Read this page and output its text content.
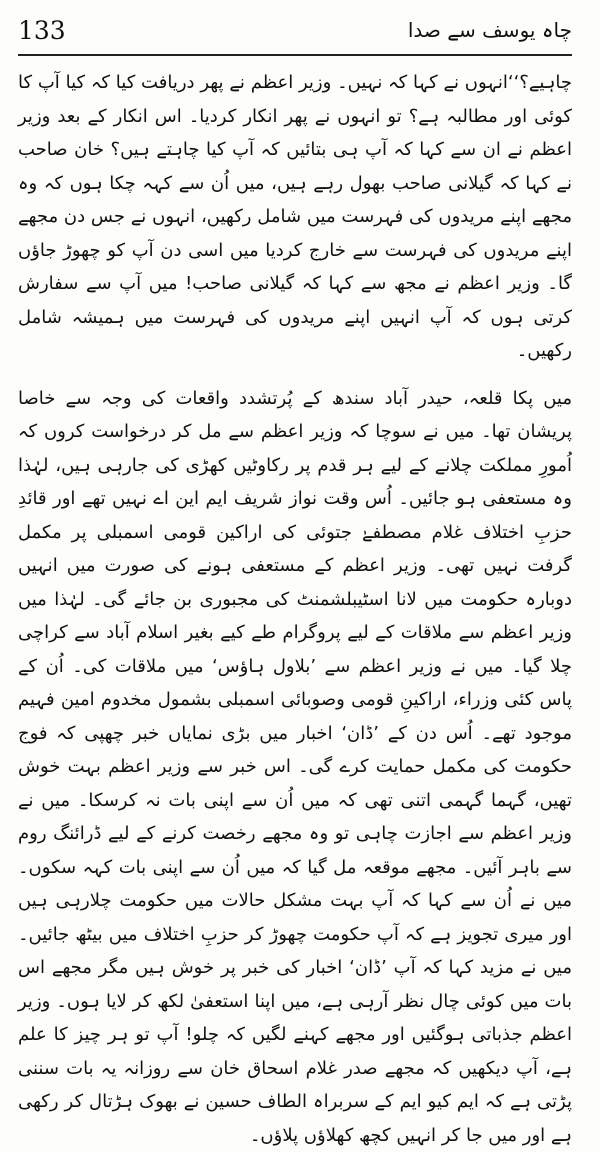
133	چاہ یوسف سے صدا

چاہیے؟‘‘انہوں نے کہا کہ نہیں۔ وزیر اعظم نے پھر دریافت کیا کہ کیا آپ کا کوئی اور مطالبہ ہے؟ تو انہوں نے پھر انکار کردیا۔ اس انکار کے بعد وزیر اعظم نے ان سے کہا کہ آپ ہی بتائیں کہ آپ کیا چاہتے ہیں؟ خان صاحب نے کہا کہ گیلانی صاحب بھول رہے ہیں، میں اُن سے کہہ چکا ہوں کہ وہ مجھے اپنے مریدوں کی فہرست میں شامل رکھیں، انہوں نے جس دن مجھے اپنے مریدوں کی فہرست سے خارج کردیا میں اسی دن آپ کو چھوڑ جاؤں گا۔ وزیر اعظم نے مجھ سے کہا کہ گیلانی صاحب! میں آپ سے سفارش کرتی ہوں کہ آپ انہیں اپنے مریدوں کی فہرست میں ہمیشہ شامل رکھیں۔

میں پکا قلعہ، حیدر آباد سندھ کے پُرتشدد واقعات کی وجہ سے خاصا پریشان تھا۔ میں نے سوچا کہ وزیر اعظم سے مل کر درخواست کروں کہ اُمورِ مملکت چلانے کے لیے ہر قدم پر رکاوٹیں کھڑی کی جارہی ہیں، لہٰذا وہ مستعفی ہو جائیں۔ اُس وقت نواز شریف ایم این اے نہیں تھے اور قائدِ حزبِ اختلاف غلام مصطفےٰ جتوئی کی اراکین قومی اسمبلی پر مکمل گرفت نہیں تھی۔ وزیر اعظم کے مستعفی ہونے کی صورت میں انہیں دوبارہ حکومت میں لانا اسٹیبلشمنٹ کی مجبوری بن جائے گی۔ لہٰذا میں وزیر اعظم سے ملاقات کے لیے پروگرام طے کیے بغیر اسلام آباد سے کراچی چلا گیا۔ میں نے وزیر اعظم سے ’بلاول ہاؤس‘ میں ملاقات کی۔ اُن کے پاس کئی وزراء، اراکینِ قومی وصوبائی اسمبلی بشمول مخدوم امین فہیم موجود تھے۔ اُس دن کے ’ڈان‘ اخبار میں بڑی نمایاں خبر چھپی کہ فوج حکومت کی مکمل حمایت کرے گی۔ اس خبر سے وزیر اعظم بہت خوش تھیں، گہما گہمی اتنی تھی کہ میں اُن سے اپنی بات نہ کرسکا۔ میں نے وزیر اعظم سے اجازت چاہی تو وہ مجھے رخصت کرنے کے لیے ڈرائنگ روم سے باہر آئیں۔ مجھے موقعہ مل گیا کہ میں اُن سے اپنی بات کہہ سکوں۔ میں نے اُن سے کہا کہ آپ بہت مشکل حالات میں حکومت چلارہی ہیں اور میری تجویز ہے کہ آپ حکومت چھوڑ کر حزبِ اختلاف میں بیٹھ جائیں۔ میں نے مزید کہا کہ آپ ’ڈان‘ اخبار کی خبر پر خوش ہیں مگر مجھے اس بات میں کوئی چال نظر آرہی ہے، میں اپنا استعفیٰ لکھ کر لایا ہوں۔ وزیر اعظم جذباتی ہوگئیں اور مجھے کہنے لگیں کہ چلو! آپ تو ہر چیز کا علم ہے، آپ دیکھیں کہ مجھے صدر غلام اسحاق خان سے روزانہ یہ بات سننی پڑتی ہے کہ ایم کیو ایم کے سربراہ الطاف حسین نے بھوک ہڑتال کر رکھی ہے اور میں جا کر انہیں کچھ کھلاؤں پلاؤں۔
